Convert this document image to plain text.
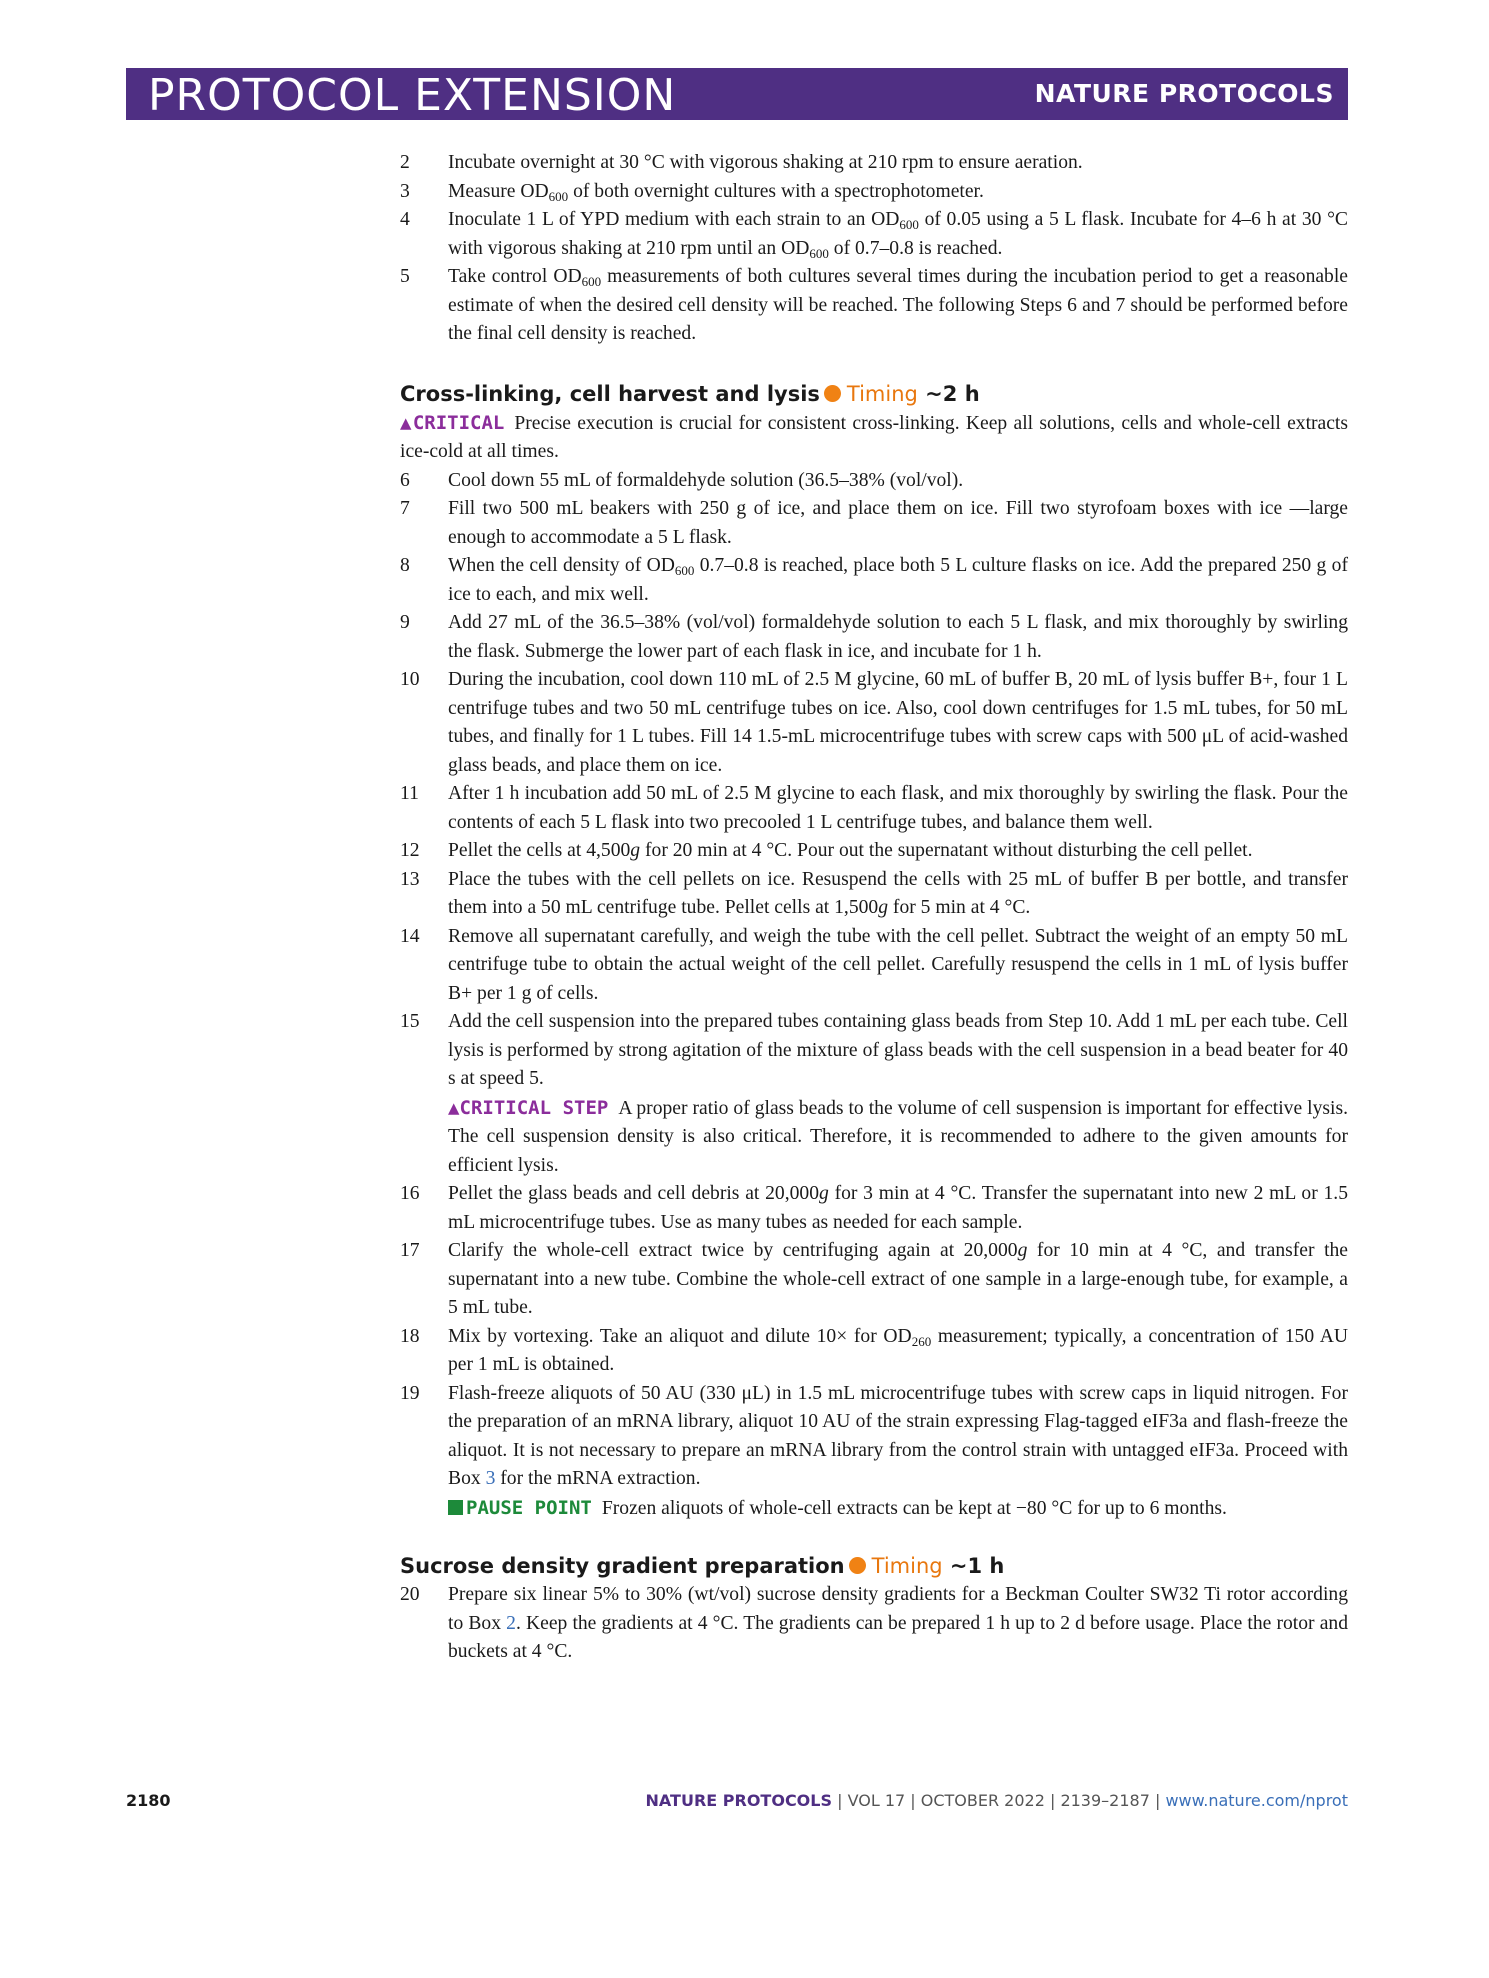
PROTOCOL EXTENSION	NATURE PROTOCOLS
2 Incubate overnight at 30 °C with vigorous shaking at 210 rpm to ensure aeration.
3 Measure $OD_{600}$ of both overnight cultures with a spectrophotometer.
4 Inoculate 1 L of YPD medium with each strain to an $OD_{600}$ of 0.05 using a 5 L flask. Incubate for 4–6 h at 30 °C with vigorous shaking at 210 rpm until an $OD_{600}$ of 0.7–0.8 is reached.
5 Take control $OD_{600}$ measurements of both cultures several times during the incubation period to get a reasonable estimate of when the desired cell density will be reached. The following Steps 6 and 7 should be performed before the final cell density is reached.
Cross-linking, cell harvest and lysis Timing ~2 h
▲CRITICAL Precise execution is crucial for consistent cross-linking. Keep all solutions, cells and whole-cell extracts ice-cold at all times.
6 Cool down 55 mL of formaldehyde solution (36.5–38% (vol/vol).
7 Fill two 500 mL beakers with 250 g of ice, and place them on ice. Fill two styrofoam boxes with ice —large enough to accommodate a 5 L flask.
8 When the cell density of $OD_{600}$ 0.7–0.8 is reached, place both 5 L culture flasks on ice. Add the prepared 250 g of ice to each, and mix well.
9 Add 27 mL of the 36.5–38% (vol/vol) formaldehyde solution to each 5 L flask, and mix thoroughly by swirling the flask. Submerge the lower part of each flask in ice, and incubate for 1 h.
10 During the incubation, cool down 110 mL of 2.5 M glycine, 60 mL of buffer B, 20 mL of lysis buffer B+, four 1 L centrifuge tubes and two 50 mL centrifuge tubes on ice. Also, cool down centrifuges for 1.5 mL tubes, for 50 mL tubes, and finally for 1 L tubes. Fill 14 1.5-mL microcentrifuge tubes with screw caps with 500 μL of acid-washed glass beads, and place them on ice.
11 After 1 h incubation add 50 mL of 2.5 M glycine to each flask, and mix thoroughly by swirling the flask. Pour the contents of each 5 L flask into two precooled 1 L centrifuge tubes, and balance them well.
12 Pellet the cells at 4,500g for 20 min at 4 °C. Pour out the supernatant without disturbing the cell pellet.
13 Place the tubes with the cell pellets on ice. Resuspend the cells with 25 mL of buffer B per bottle, and transfer them into a 50 mL centrifuge tube. Pellet cells at 1,500g for 5 min at 4 °C.
14 Remove all supernatant carefully, and weigh the tube with the cell pellet. Subtract the weight of an empty 50 mL centrifuge tube to obtain the actual weight of the cell pellet. Carefully resuspend the cells in 1 mL of lysis buffer B+ per 1 g of cells.
15 Add the cell suspension into the prepared tubes containing glass beads from Step 10. Add 1 mL per each tube. Cell lysis is performed by strong agitation of the mixture of glass beads with the cell suspension in a bead beater for 40 s at speed 5.
▲CRITICAL STEP A proper ratio of glass beads to the volume of cell suspension is important for effective lysis. The cell suspension density is also critical. Therefore, it is recommended to adhere to the given amounts for efficient lysis.
16 Pellet the glass beads and cell debris at 20,000g for 3 min at 4 °C. Transfer the supernatant into new 2 mL or 1.5 mL microcentrifuge tubes. Use as many tubes as needed for each sample.
17 Clarify the whole-cell extract twice by centrifuging again at 20,000g for 10 min at 4 °C, and transfer the supernatant into a new tube. Combine the whole-cell extract of one sample in a large-enough tube, for example, a 5 mL tube.
18 Mix by vortexing. Take an aliquot and dilute 10× for $OD_{260}$ measurement; typically, a concentration of 150 AU per 1 mL is obtained.
19 Flash-freeze aliquots of 50 AU (330 μL) in 1.5 mL microcentrifuge tubes with screw caps in liquid nitrogen. For the preparation of an mRNA library, aliquot 10 AU of the strain expressing Flag-tagged eIF3a and flash-freeze the aliquot. It is not necessary to prepare an mRNA library from the control strain with untagged eIF3a. Proceed with Box 3 for the mRNA extraction.
PAUSE POINT Frozen aliquots of whole-cell extracts can be kept at −80 °C for up to 6 months.
Sucrose density gradient preparation Timing ~1 h
20 Prepare six linear 5% to 30% (wt/vol) sucrose density gradients for a Beckman Coulter SW32 Ti rotor according to Box 2. Keep the gradients at 4 °C. The gradients can be prepared 1 h up to 2 d before usage. Place the rotor and buckets at 4 °C.
2180	NATURE PROTOCOLS | VOL 17 | OCTOBER 2022 | 2139–2187 | www.nature.com/nprot
